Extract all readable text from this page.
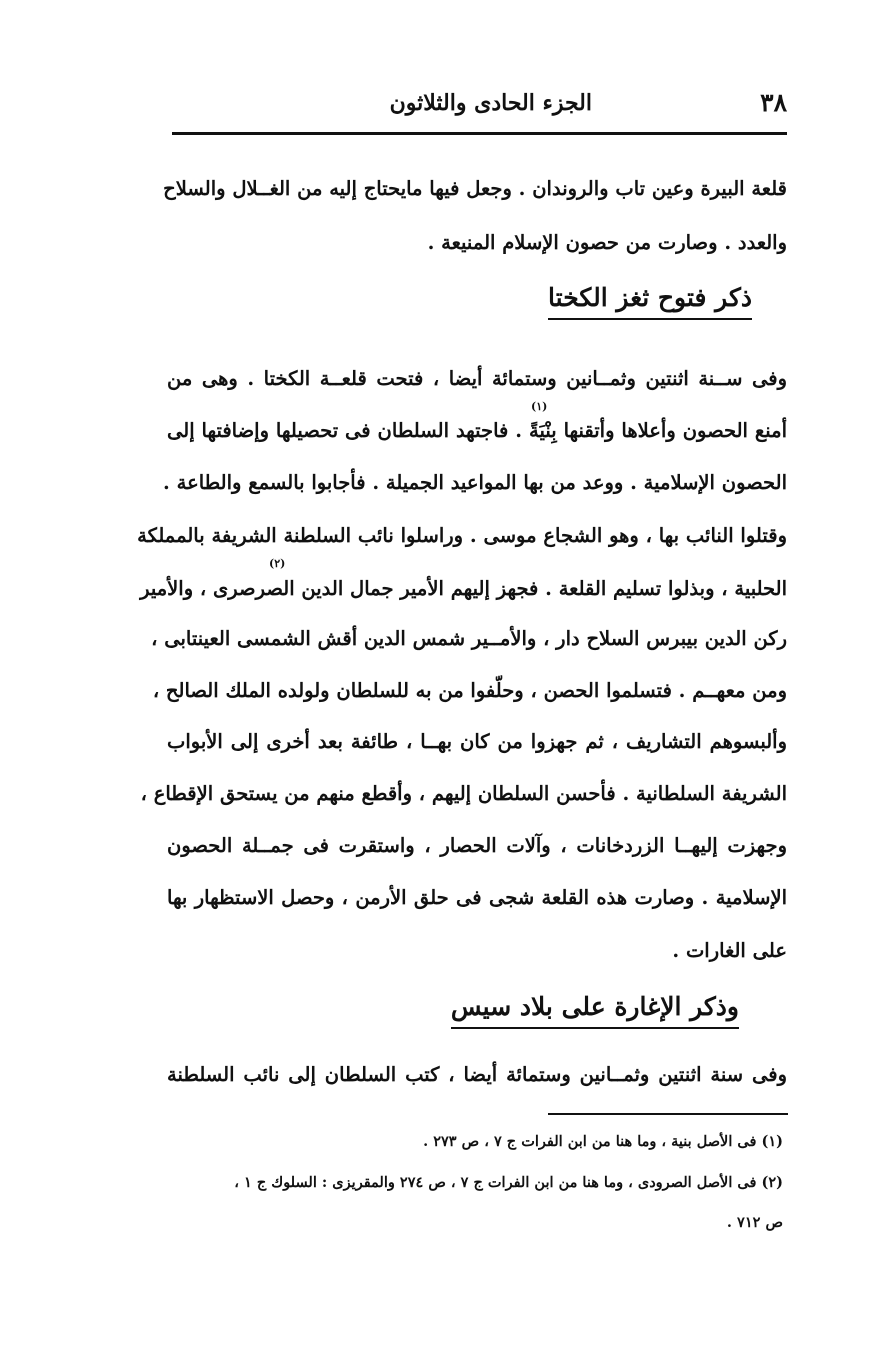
٣٨
الجزء الحادى والثلاثون
قلعة البيرة وعين تاب والروندان . وجعل فيها مايحتاج إليه من الغــلال والسلاح
والعدد . وصارت من حصون الإسلام المنيعة .
ذكر فتوح ثغز الكختا
وفى ســنة اثنتين وثمــانين وستمائة أيضا ، فتحت قلعــة الكختا . وهى من
أمنع الحصون وأعلاها وأتقنها بِنْيَةً . فاجتهد السلطان فى تحصيلها وإضافتها إلى
(١)
الحصون الإسلامية . ووعد من بها المواعيد الجميلة . فأجابوا بالسمع والطاعة .
وقتلوا النائب بها ، وهو الشجاع موسى . وراسلوا نائب السلطنة الشريفة بالمملكة
الحلبية ، وبذلوا تسليم القلعة . فجهز إليهم الأمير جمال الدين الصرصرى ، والأمير
(٢)
ركن الدين بيبرس السلاح دار ، والأمــير شمس الدين أقش الشمسى العينتابى ،
ومن معهــم . فتسلموا الحصن ، وحلّفوا من به للسلطان ولولده الملك الصالح ،
وألبسوهم التشاريف ، ثم جهزوا من كان بهــا ، طائفة بعد أخرى إلى الأبواب
الشريفة السلطانية . فأحسن السلطان إليهم ، وأقطع منهم من يستحق الإقطاع ،
وجهزت إليهــا الزردخانات ، وآلات الحصار ، واستقرت فى جمــلة الحصون
الإسلامية . وصارت هذه القلعة شجى فى حلق الأرمن ، وحصل الاستظهار بها
على الغارات .
وذكر الإغارة على بلاد سيس
وفى سنة اثنتين وثمــانين وستمائة أيضا ، كتب السلطان إلى نائب السلطنة
(١) فى الأصل بنية ، وما هنا من ابن الفرات ج ٧ ، ص ٢٧٣ .
(٢) فى الأصل الصرودى ، وما هنا من ابن الفرات ج ٧ ، ص ٢٧٤ والمقريزى : السلوك ج ١ ،
ص ٧١٢ .
